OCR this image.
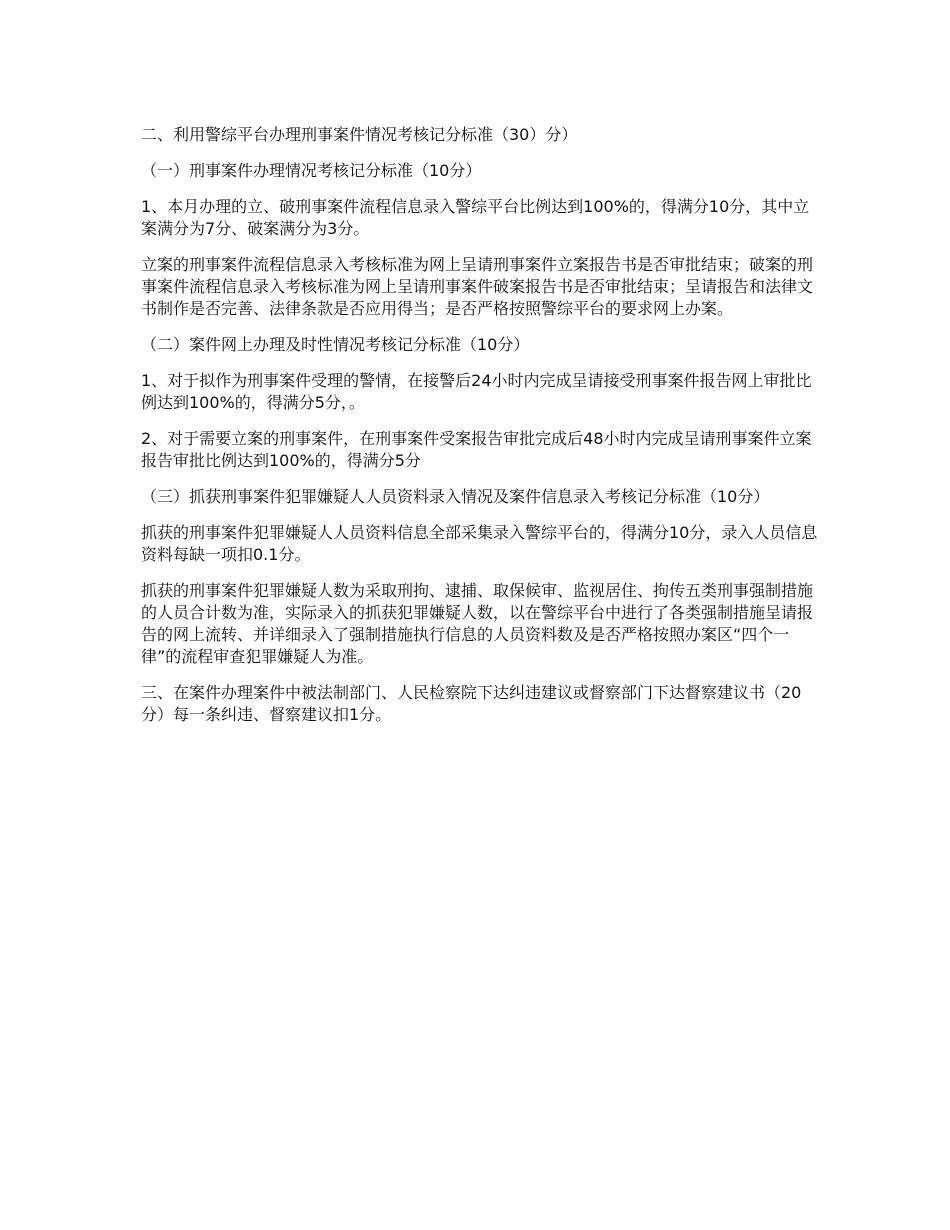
二、利用警综平台办理刑事案件情况考核记分标准（30）分）

（一）刑事案件办理情况考核记分标准（10分）

1、本月办理的立、破刑事案件流程信息录入警综平台比例达到100%的，得满分10分，其中立案满分为7分、破案满分为3分。

立案的刑事案件流程信息录入考核标准为网上呈请刑事案件立案报告书是否审批结束；破案的刑事案件流程信息录入考核标准为网上呈请刑事案件破案报告书是否审批结束；呈请报告和法律文书制作是否完善、法律条款是否应用得当；是否严格按照警综平台的要求网上办案。

（二）案件网上办理及时性情况考核记分标准（10分）

1、对于拟作为刑事案件受理的警情，在接警后24小时内完成呈请接受刑事案件报告网上审批比例达到100%的，得满分5分，。

2、对于需要立案的刑事案件，在刑事案件受案报告审批完成后48小时内完成呈请刑事案件立案报告审批比例达到100%的，得满分5分

（三）抓获刑事案件犯罪嫌疑人人员资料录入情况及案件信息录入考核记分标准（10分）

抓获的刑事案件犯罪嫌疑人人员资料信息全部采集录入警综平台的，得满分10分，录入人员信息资料每缺一项扣0.1分。

抓获的刑事案件犯罪嫌疑人数为采取刑拘、逮捕、取保候审、监视居住、拘传五类刑事强制措施的人员合计数为准，实际录入的抓获犯罪嫌疑人数，以在警综平台中进行了各类强制措施呈请报告的网上流转、并详细录入了强制措施执行信息的人员资料数及是否严格按照办案区“四个一律”的流程审查犯罪嫌疑人为准。

三、在案件办理案件中被法制部门、人民检察院下达纠违建议或督察部门下达督察建议书（20分）每一条纠违、督察建议扣1分。
